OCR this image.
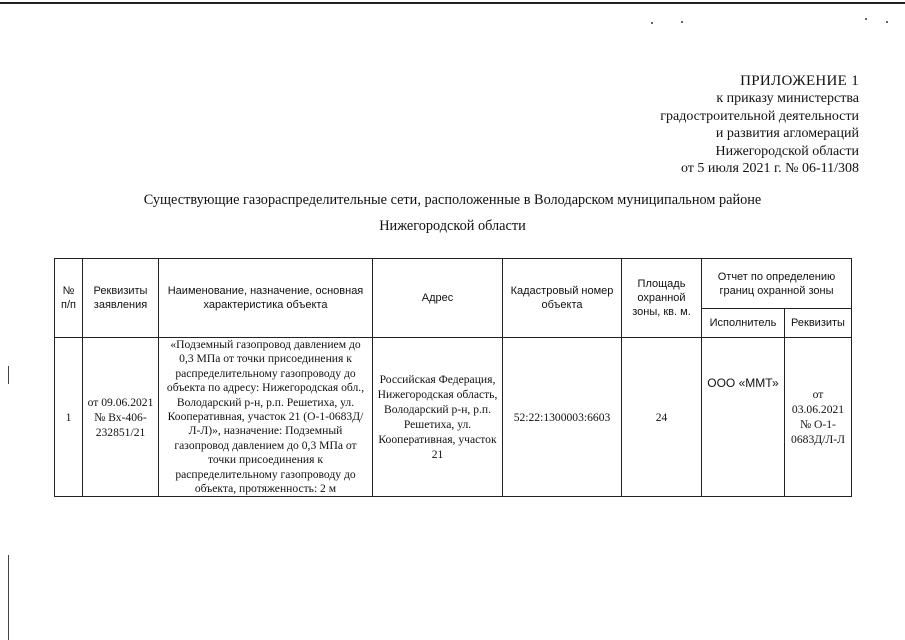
ПРИЛОЖЕНИЕ 1
к приказу министерства
градостроительной деятельности
и развития агломераций
Нижегородской области
от 5 июля 2021 г. № 06-11/308
Существующие газораспределительные сети, расположенные в Володарском муниципальном районе
Нижегородской области
№ п/п	Реквизиты заявления	Наименование, назначение, основная характеристика объекта	Адрес	Кадастровый номер объекта	Площадь охранной зоны, кв. м.	Отчет по определению границ охранной зоны	
						Исполнитель	Реквизиты
1	от 09.06.2021 № Вх-406-232851/21	«Подземный газопровод давлением до 0,3 МПа от точки присоединения к распределительному газопроводу до объекта по адресу: Нижегородская обл., Володарский р-н, р.п. Решетиха, ул. Кооперативная, участок 21 (О-1-0683Д/Л-Л)», назначение: Подземный газопровод давлением до 0,3 МПа от точки присоединения к распределительному газопроводу до объекта, протяженность: 2 м	Российская Федерация, Нижегородская область, Володарский р-н, р.п. Решетиха, ул. Кооперативная, участок 21	52:22:1300003:6603	24	ООО «ММТ»	от 03.06.2021 № О-1-0683Д/Л-Л
